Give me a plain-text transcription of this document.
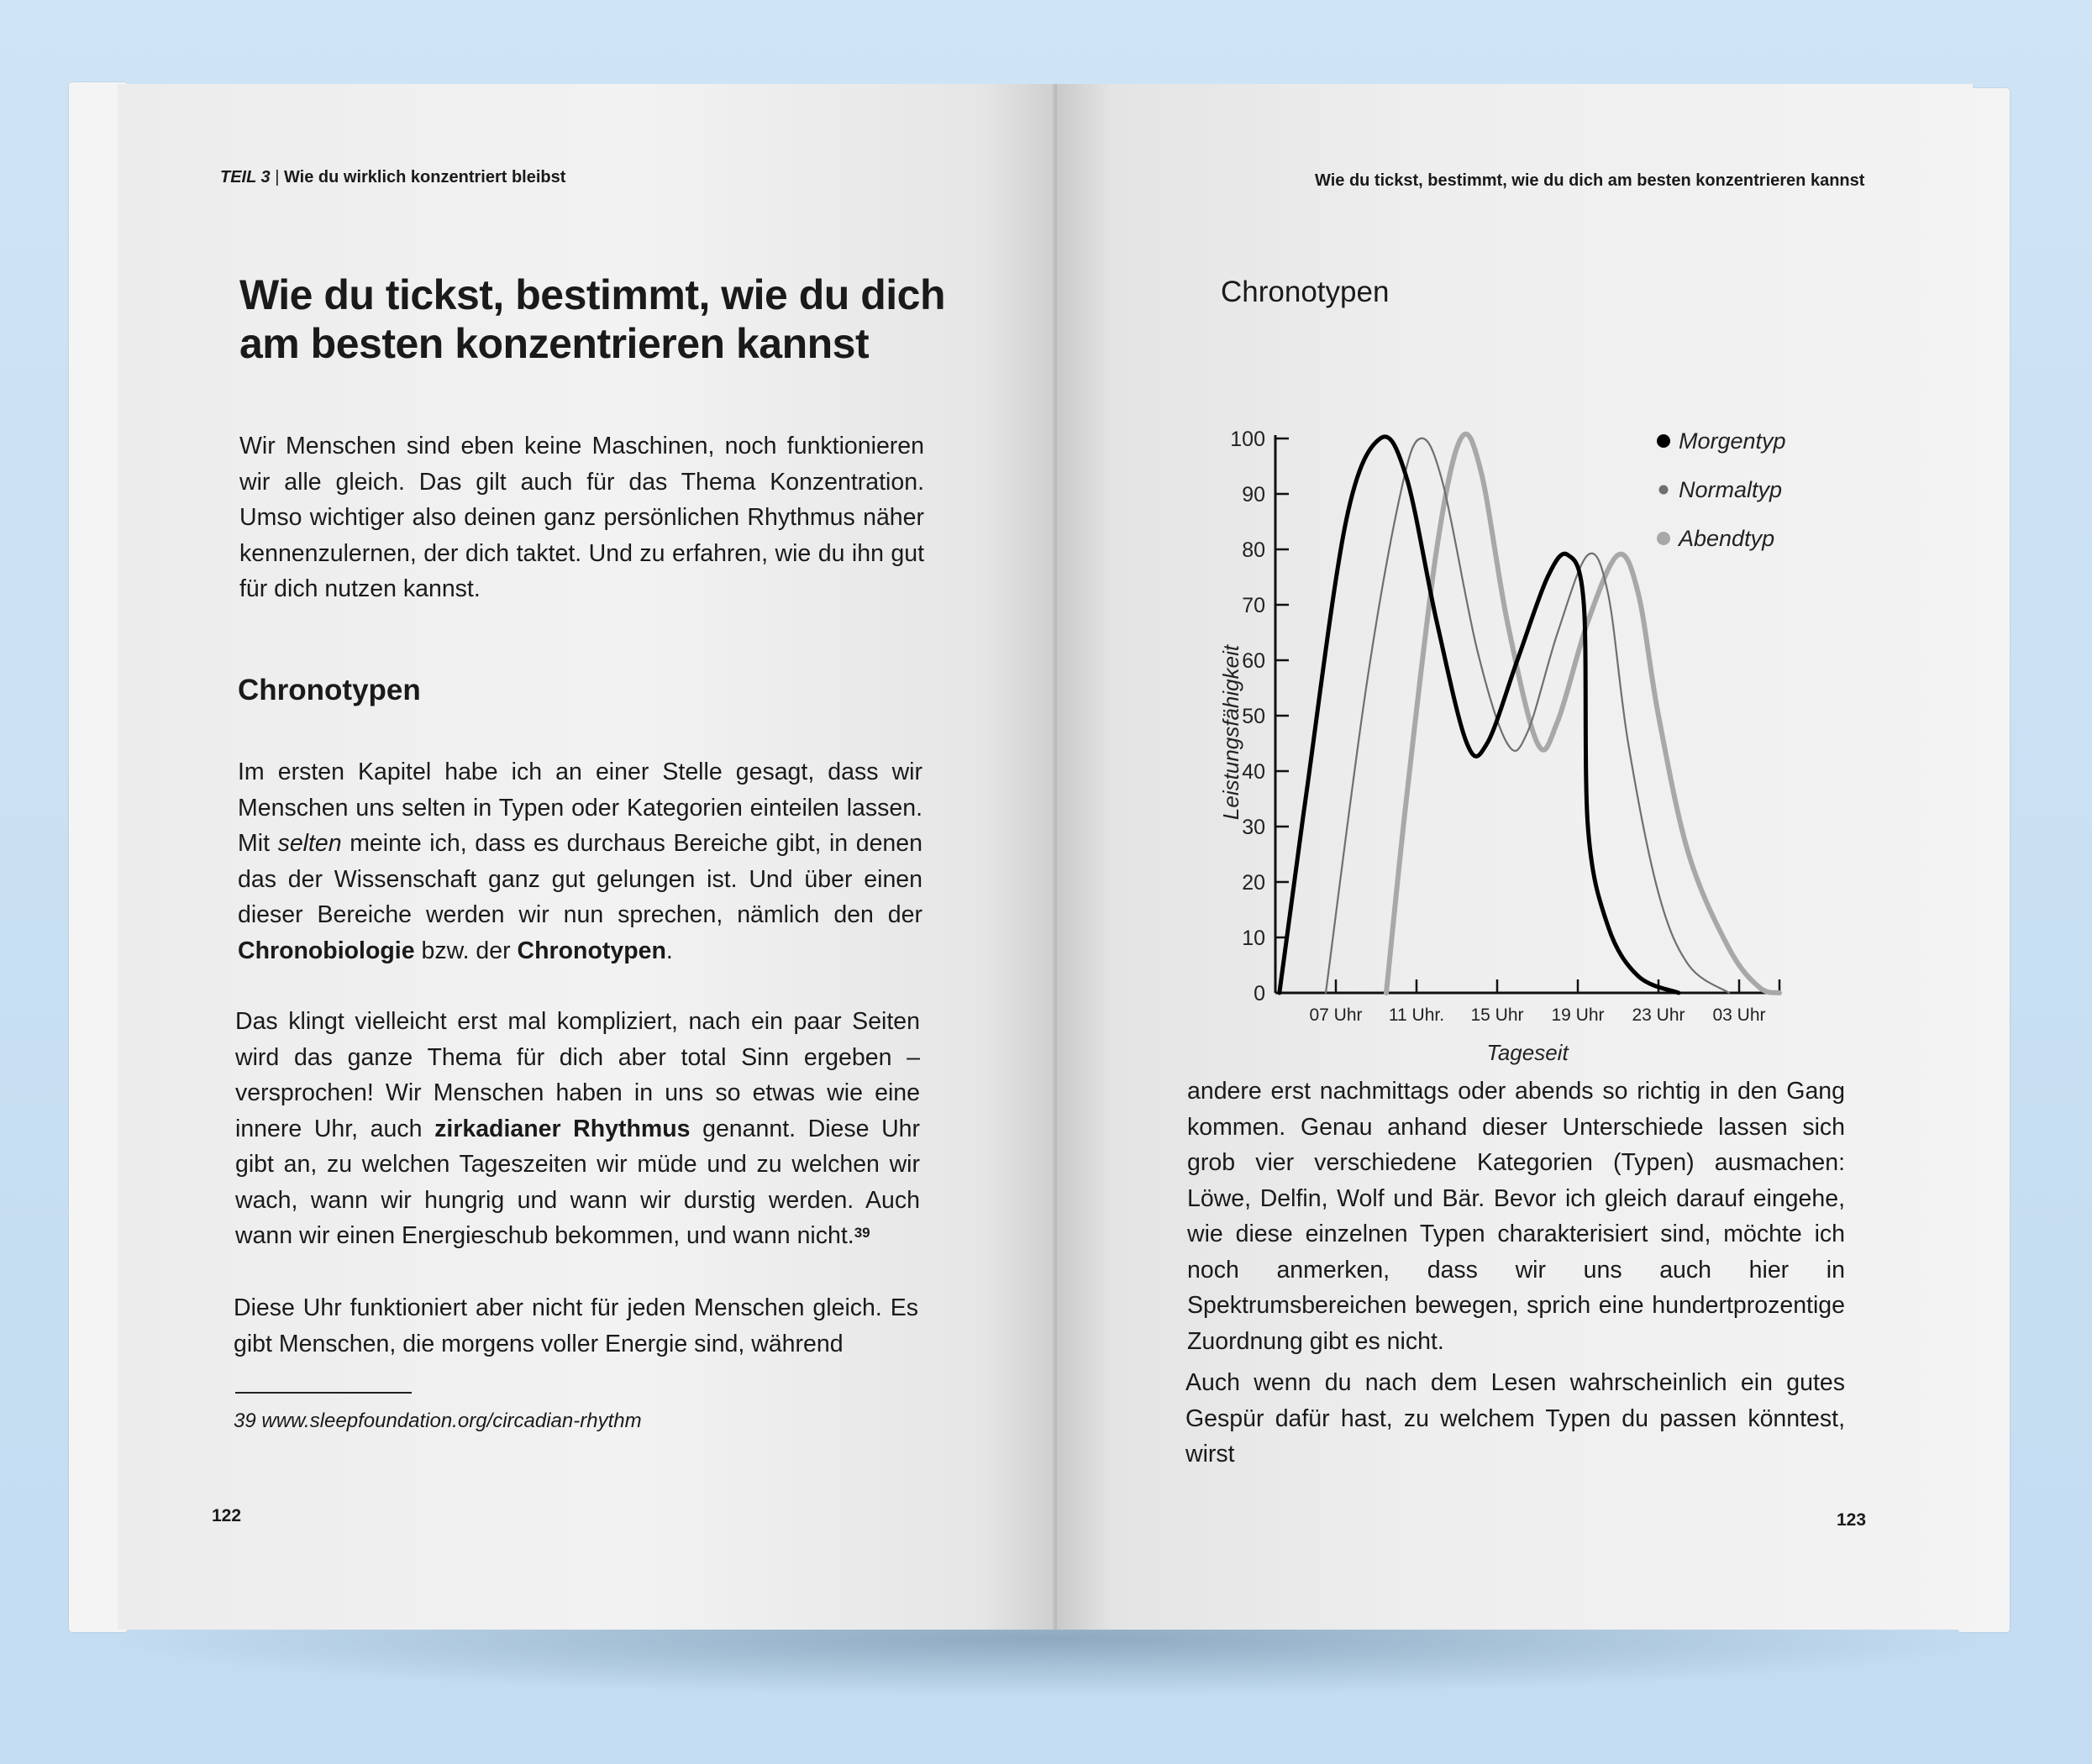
TEIL 3 | Wie du wirklich konzentriert bleibst
Wie du tickst, bestimmt, wie du dich
am besten konzentrieren kannst
Wir Menschen sind eben keine Maschinen, noch funktionieren wir alle gleich. Das gilt auch für das Thema Konzentration. Umso wichtiger also deinen ganz persönlichen Rhythmus näher kennenzulernen, der dich taktet. Und zu erfahren, wie du ihn gut für dich nutzen kannst.
Chronotypen
Im ersten Kapitel habe ich an einer Stelle gesagt, dass wir Menschen uns selten in Typen oder Kategorien einteilen lassen. Mit selten meinte ich, dass es durchaus Bereiche gibt, in denen das der Wissenschaft ganz gut gelungen ist. Und über einen dieser Bereiche werden wir nun sprechen, nämlich den der Chronobiologie bzw. der Chronotypen.
Das klingt vielleicht erst mal kompliziert, nach ein paar Seiten wird das ganze Thema für dich aber total Sinn ergeben – versprochen! Wir Menschen haben in uns so etwas wie eine innere Uhr, auch zirkadianer Rhythmus genannt. Diese Uhr gibt an, zu welchen Tageszeiten wir müde und zu welchen wir wach, wann wir hungrig und wann wir durstig werden. Auch wann wir einen Energieschub bekommen, und wann nicht.$^{39}$
Diese Uhr funktioniert aber nicht für jeden Menschen gleich. Es gibt Menschen, die morgens voller Energie sind, während
39 www.sleepfoundation.org/circadian-rhythm
122
Wie du tickst, bestimmt, wie du dich am besten konzentrieren kannst
Chronotypen
0
10
20
30
40
50
60
70
80
90
100
07 Uhr 11 Uhr. 15 Uhr 19 Uhr 23 Uhr 03 Uhr
Tageseit
Leistungsfähigkeit
Morgentyp
Normaltyp
Abendtyp
andere erst nachmittags oder abends so richtig in den Gang kommen. Genau anhand dieser Unterschiede lassen sich grob vier verschiedene Kategorien (Typen) ausmachen: Löwe, Delfin, Wolf und Bär. Bevor ich gleich darauf eingehe, wie diese einzelnen Typen charakterisiert sind, möchte ich noch anmerken, dass wir uns auch hier in Spektrumsbereichen bewegen, sprich eine hundertprozentige Zuordnung gibt es nicht.
Auch wenn du nach dem Lesen wahrscheinlich ein gutes Gespür dafür hast, zu welchem Typen du passen könntest, wirst
123
